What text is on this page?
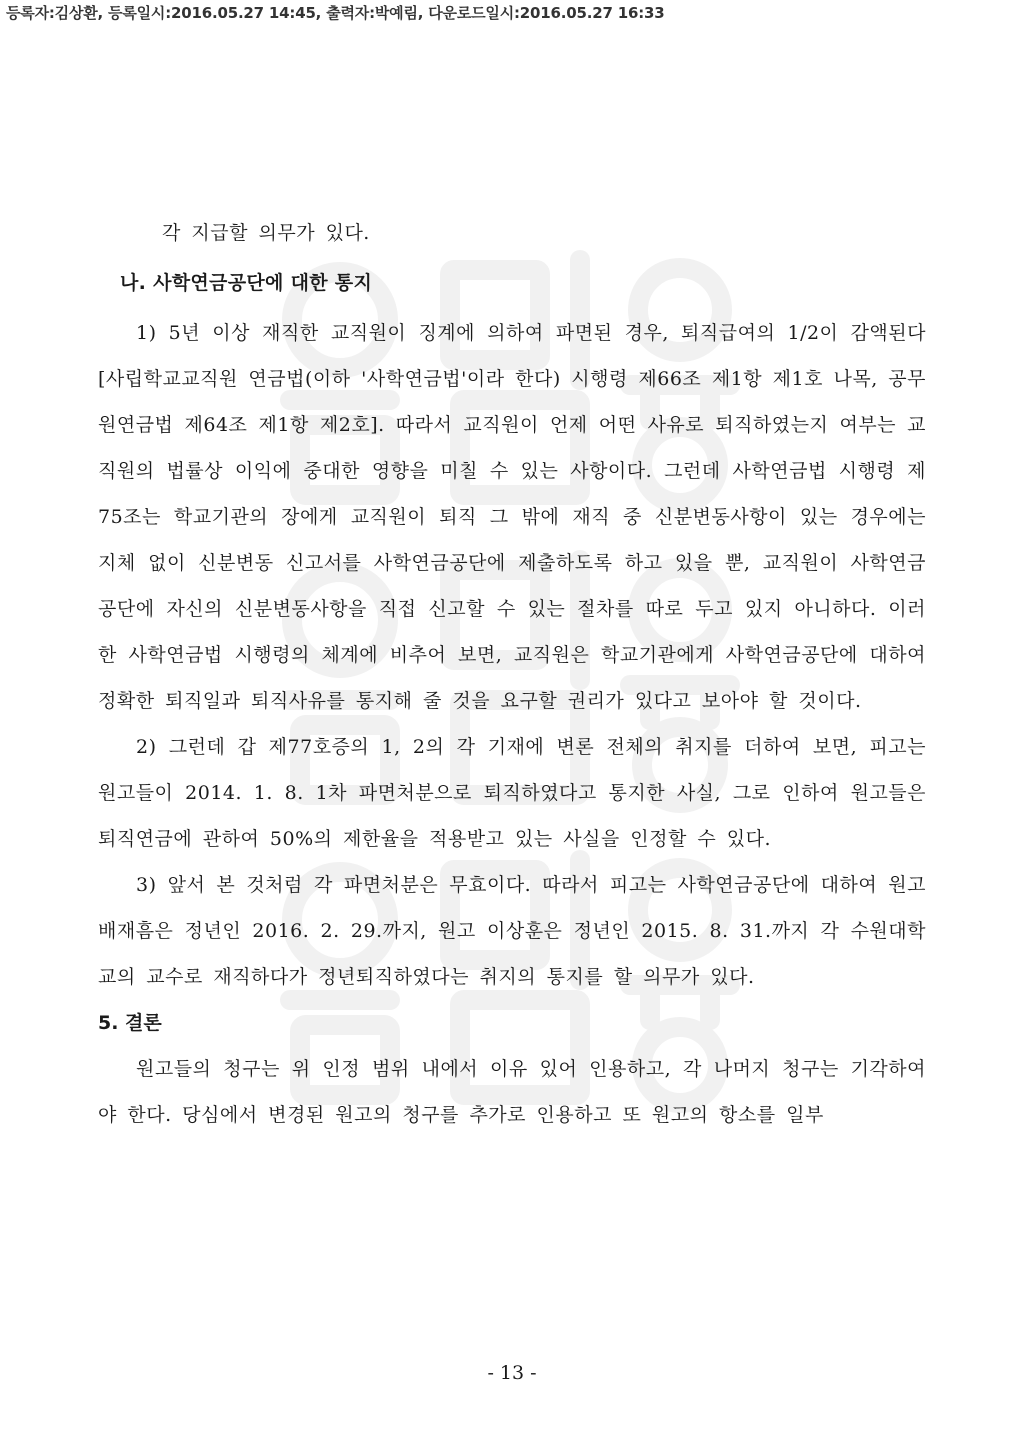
등록자:김상환, 등록일시:2016.05.27 14:45, 출력자:박예림, 다운로드일시:2016.05.27 16:33

각 지급할 의무가 있다.

나. 사학연금공단에 대한 통지

1) 5년 이상 재직한 교직원이 징계에 의하여 파면된 경우, 퇴직급여의 1/2이 감액된다[사립학교교직원 연금법(이하 '사학연금법'이라 한다) 시행령 제66조 제1항 제1호 나목, 공무원연금법 제64조 제1항 제2호]. 따라서 교직원이 언제 어떤 사유로 퇴직하였는지 여부는 교직원의 법률상 이익에 중대한 영향을 미칠 수 있는 사항이다. 그런데 사학연금법 시행령 제75조는 학교기관의 장에게 교직원이 퇴직 그 밖에 재직 중 신분변동사항이 있는 경우에는 지체 없이 신분변동 신고서를 사학연금공단에 제출하도록 하고 있을 뿐, 교직원이 사학연금공단에 자신의 신분변동사항을 직접 신고할 수 있는 절차를 따로 두고 있지 아니하다. 이러한 사학연금법 시행령의 체계에 비추어 보면, 교직원은 학교기관에게 사학연금공단에 대하여 정확한 퇴직일과 퇴직사유를 통지해 줄 것을 요구할 권리가 있다고 보아야 할 것이다.

2) 그런데 갑 제77호증의 1, 2의 각 기재에 변론 전체의 취지를 더하여 보면, 피고는 원고들이 2014. 1. 8. 1차 파면처분으로 퇴직하였다고 통지한 사실, 그로 인하여 원고들은 퇴직연금에 관하여 50%의 제한율을 적용받고 있는 사실을 인정할 수 있다.

3) 앞서 본 것처럼 각 파면처분은 무효이다. 따라서 피고는 사학연금공단에 대하여 원고 배재흠은 정년인 2016. 2. 29.까지, 원고 이상훈은 정년인 2015. 8. 31.까지 각 수원대학교의 교수로 재직하다가 정년퇴직하였다는 취지의 통지를 할 의무가 있다.

5. 결론

원고들의 청구는 위 인정 범위 내에서 이유 있어 인용하고, 각 나머지 청구는 기각하여야 한다. 당심에서 변경된 원고의 청구를 추가로 인용하고 또 원고의 항소를 일부

- 13 -
